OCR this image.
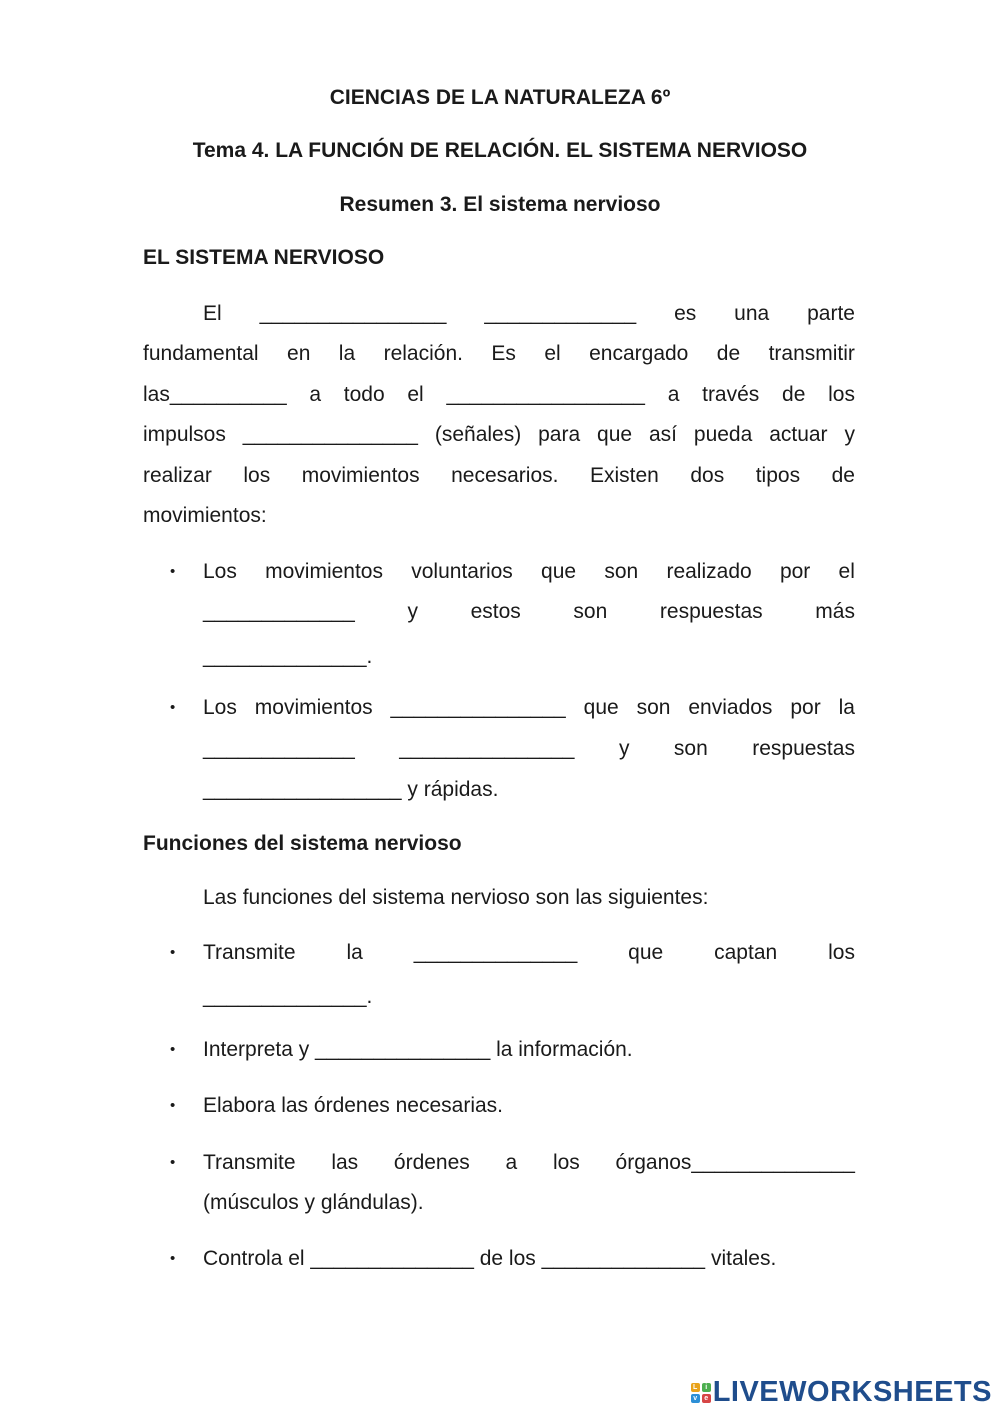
CIENCIAS DE LA NATURALEZA 6º
Tema 4. LA FUNCIÓN DE RELACIÓN. EL SISTEMA NERVIOSO
Resumen 3. El sistema nervioso
EL SISTEMA NERVIOSO
El ________________ _____________ es una parte
fundamental en la relación. Es el encargado de transmitir
las__________ a todo el _________________ a través de los
impulsos _______________ (señales) para que así pueda actuar y
realizar los movimientos necesarios. Existen dos tipos de
movimientos:
• Los movimientos voluntarios que son realizado por el
_____________	y	estos	son	respuestas	más
______________.
• Los movimientos _______________ que son enviados por la
_____________ _______________ y son respuestas
_________________ y rápidas.
Funciones del sistema nervioso
Las funciones del sistema nervioso son las siguientes:
• Transmite la ______________ que captan los
______________.
• Interpreta y _______________ la información.
• Elabora las órdenes necesarias.
• Transmite las órdenes a los órganos______________
(músculos y glándulas).
• Controla el ______________ de los ______________ vitales.
L	i
v	e LIVEWORKSHEETS
